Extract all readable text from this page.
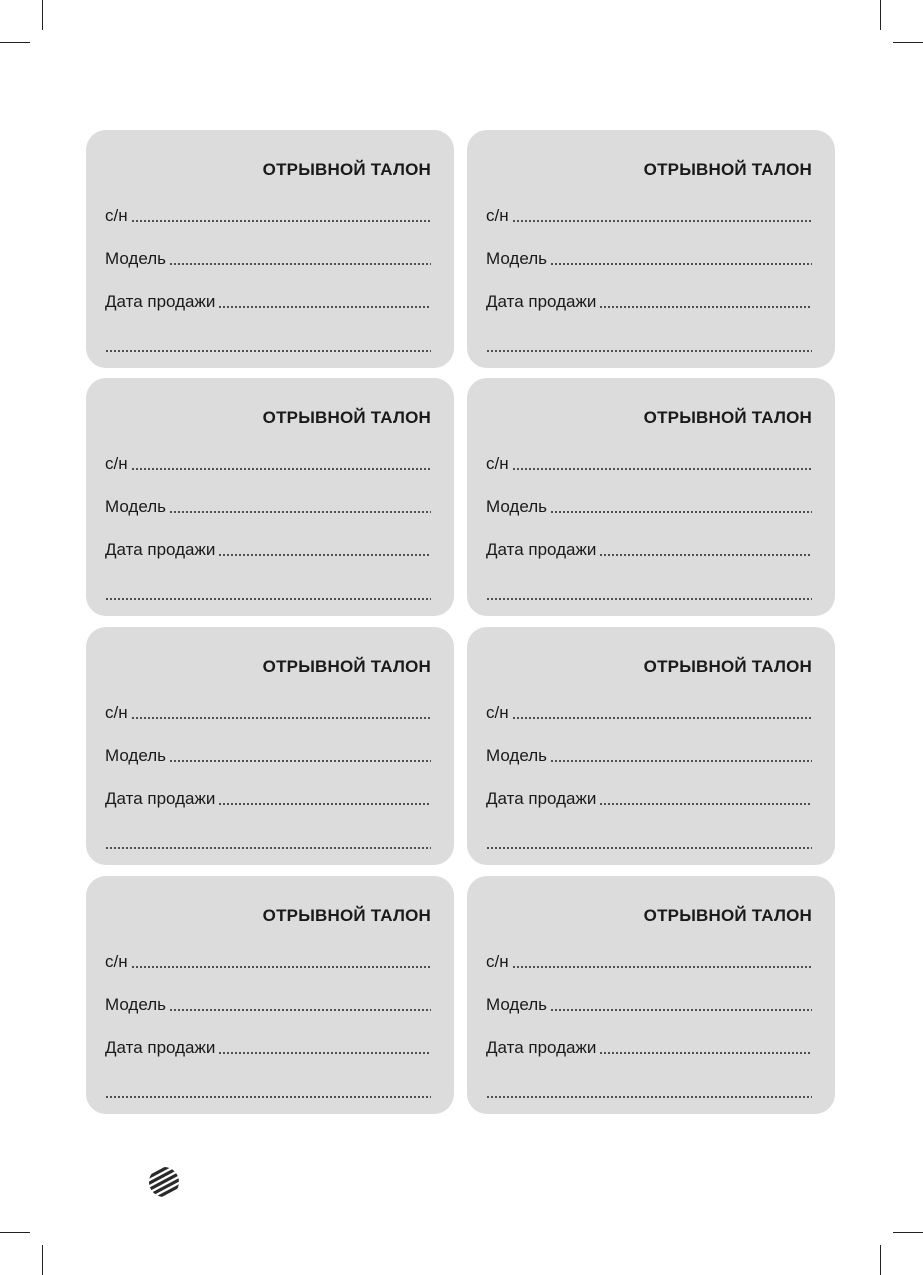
ОТРЫВНОЙ ТАЛОН
с/н
Модель
Дата продажи
ОТРЫВНОЙ ТАЛОН
с/н
Модель
Дата продажи
ОТРЫВНОЙ ТАЛОН
с/н
Модель
Дата продажи
ОТРЫВНОЙ ТАЛОН
с/н
Модель
Дата продажи
ОТРЫВНОЙ ТАЛОН
с/н
Модель
Дата продажи
ОТРЫВНОЙ ТАЛОН
с/н
Модель
Дата продажи
ОТРЫВНОЙ ТАЛОН
с/н
Модель
Дата продажи
ОТРЫВНОЙ ТАЛОН
с/н
Модель
Дата продажи
